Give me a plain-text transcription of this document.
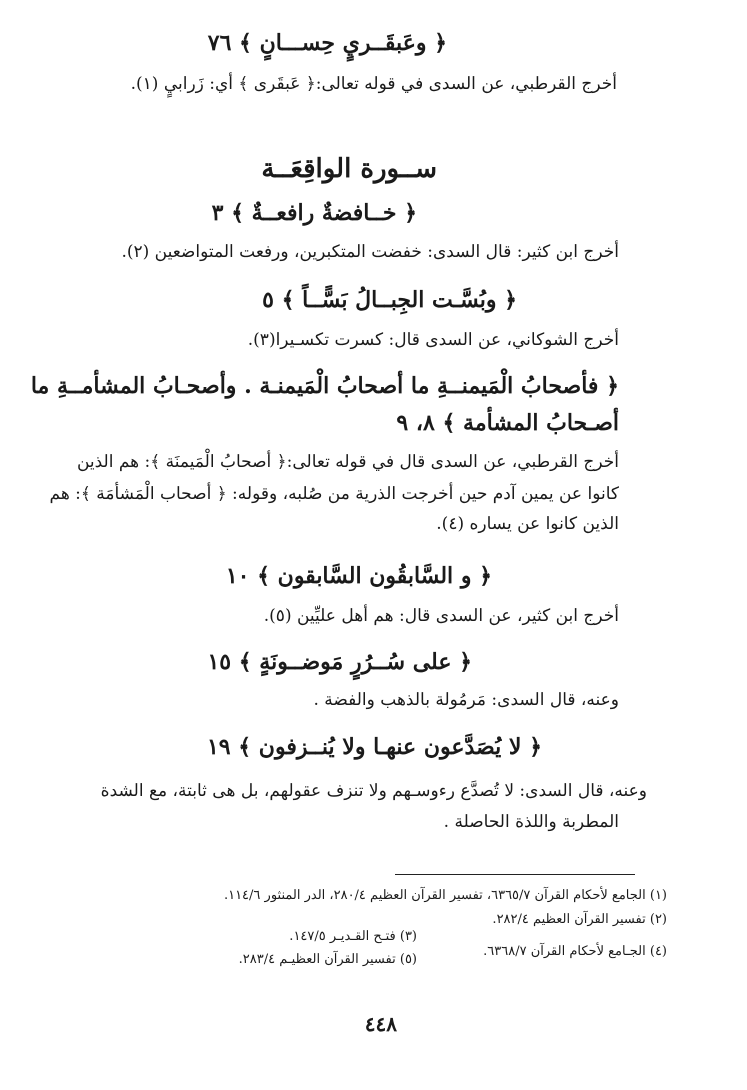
﴿ وعَبقَــريٍ حِســـانٍ ﴾ ٧٦
أخرج القرطبي، عن السدى في قوله تعالى:﴿ عَبقَرى ﴾ أي: زَرابيٍ (١).
ســورة الواقِعَــة
﴿ خــافضةٌ رافعــةٌ ﴾ ٣
أخرج ابن كثير: قال السدى: خفضت المتكبرين، ورفعت المتواضعين (٢).
﴿ وبُسَّـت الجِبــالُ بَسًّــاً ﴾ ٥
أخرج الشوكاني، عن السدى قال: كسرت تكسـيرا(٣).
﴿ فأصحابُ الْمَيمنــةِ ما أصحابُ الْمَيمنـة . وأصحـابُ المشأمــةِ ما
أصـحابُ المشأمة ﴾ ٨، ٩
أخرج القرطبي، عن السدى قال في قوله تعالى:﴿ أصحابُ الْمَيمنَة ﴾: هم الذين
كانوا عن يمين آدم حين أخرجت الذرية من صُلبه، وقوله: ﴿ أصحاب الْمَشأمَة ﴾: هم
الذين كانوا عن يساره (٤).
﴿ و السَّابقُون السَّابقون ﴾ ١٠
أخرج ابن كثير، عن السدى قال: هم أهل عليِّين (٥).
﴿ على سُــرُرٍ مَوضــونَةٍ ﴾ ١٥
وعنه، قال السدى: مَرمُولة بالذهب والفضة .
﴿ لا يُصَدَّعون عنهـا ولا يُنــزفون ﴾ ١٩
وعنه، قال السدى: لا تُصدَّع رءوسـهم ولا تنزف عقولهم، بل هى ثابتة، مع الشدة
المطربة واللذة الحاصلة .
(١) الجامع لأحكام القرآن ٦٣٦٥/٧، تفسير القرآن العظيم ٢٨٠/٤، الدر المنثور ١١٤/٦.
(٢) تفسير القرآن العظيم ٢٨٢/٤.
(٣) فتـح القـديـر ١٤٧/٥.
(٤) الجـامع لأحكام القرآن ٦٣٦٨/٧.
(٥) تفسير القرآن العظيـم ٢٨٣/٤.
٤٤٨
